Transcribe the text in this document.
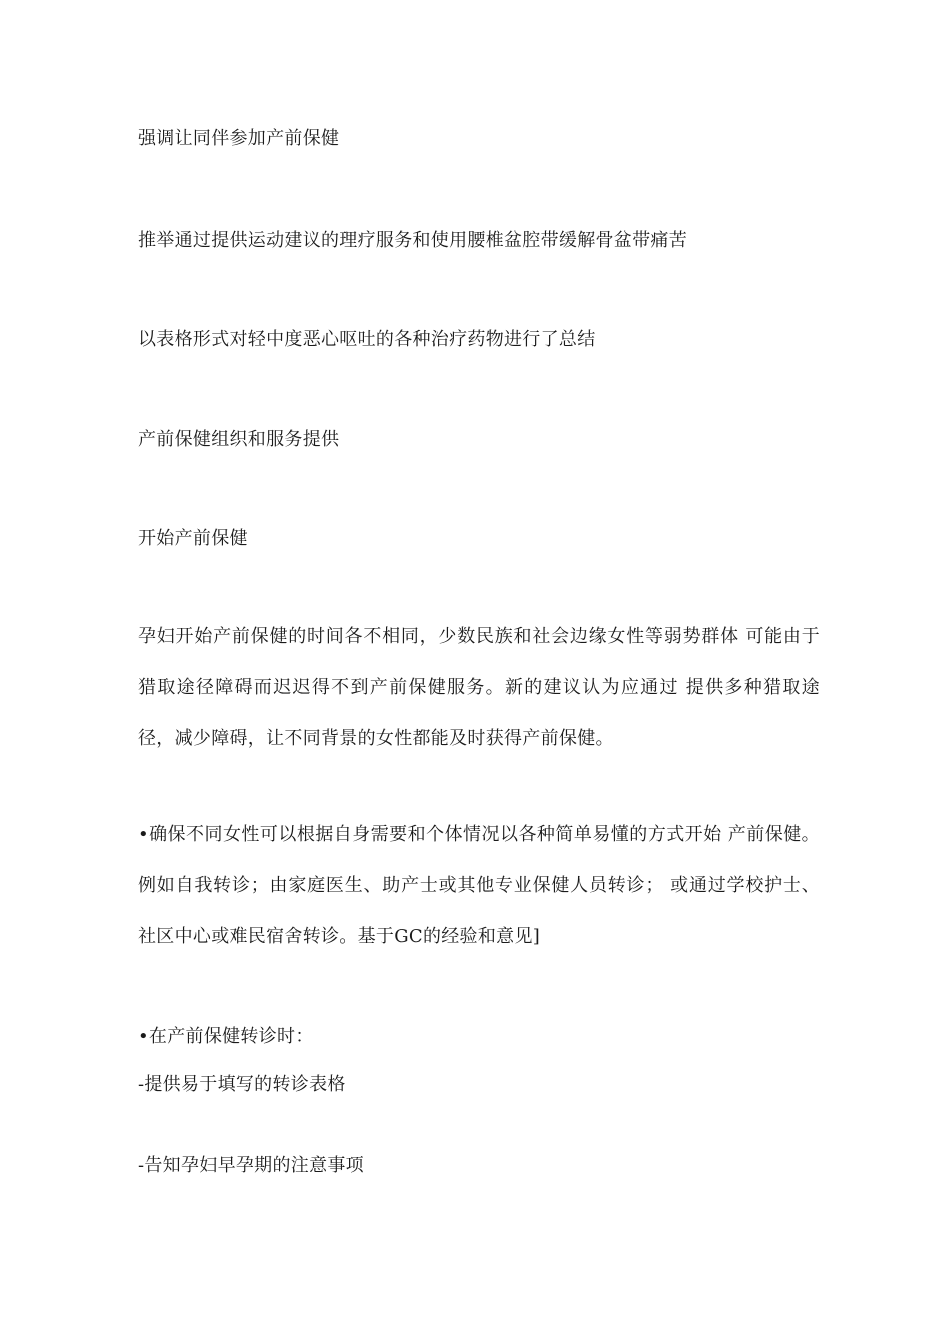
强调让同伴参加产前保健
推举通过提供运动建议的理疗服务和使用腰椎盆腔带缓解骨盆带痛苦
以表格形式对轻中度恶心呕吐的各种治疗药物进行了总结
产前保健组织和服务提供
开始产前保健
孕妇开始产前保健的时间各不相同，少数民族和社会边缘女性等弱势群体 可能由于猎取途径障碍而迟迟得不到产前保健服务。新的建议认为应通过 提供多种猎取途径，减少障碍，让不同背景的女性都能及时获得产前保健。
•确保不同女性可以根据自身需要和个体情况以各种简单易懂的方式开始 产前保健。例如自我转诊；由家庭医生、助产士或其他专业保健人员转诊； 或通过学校护士、社区中心或难民宿舍转诊。基于GC的经验和意见]
•在产前保健转诊时：
-提供易于填写的转诊表格
-告知孕妇早孕期的注意事项
